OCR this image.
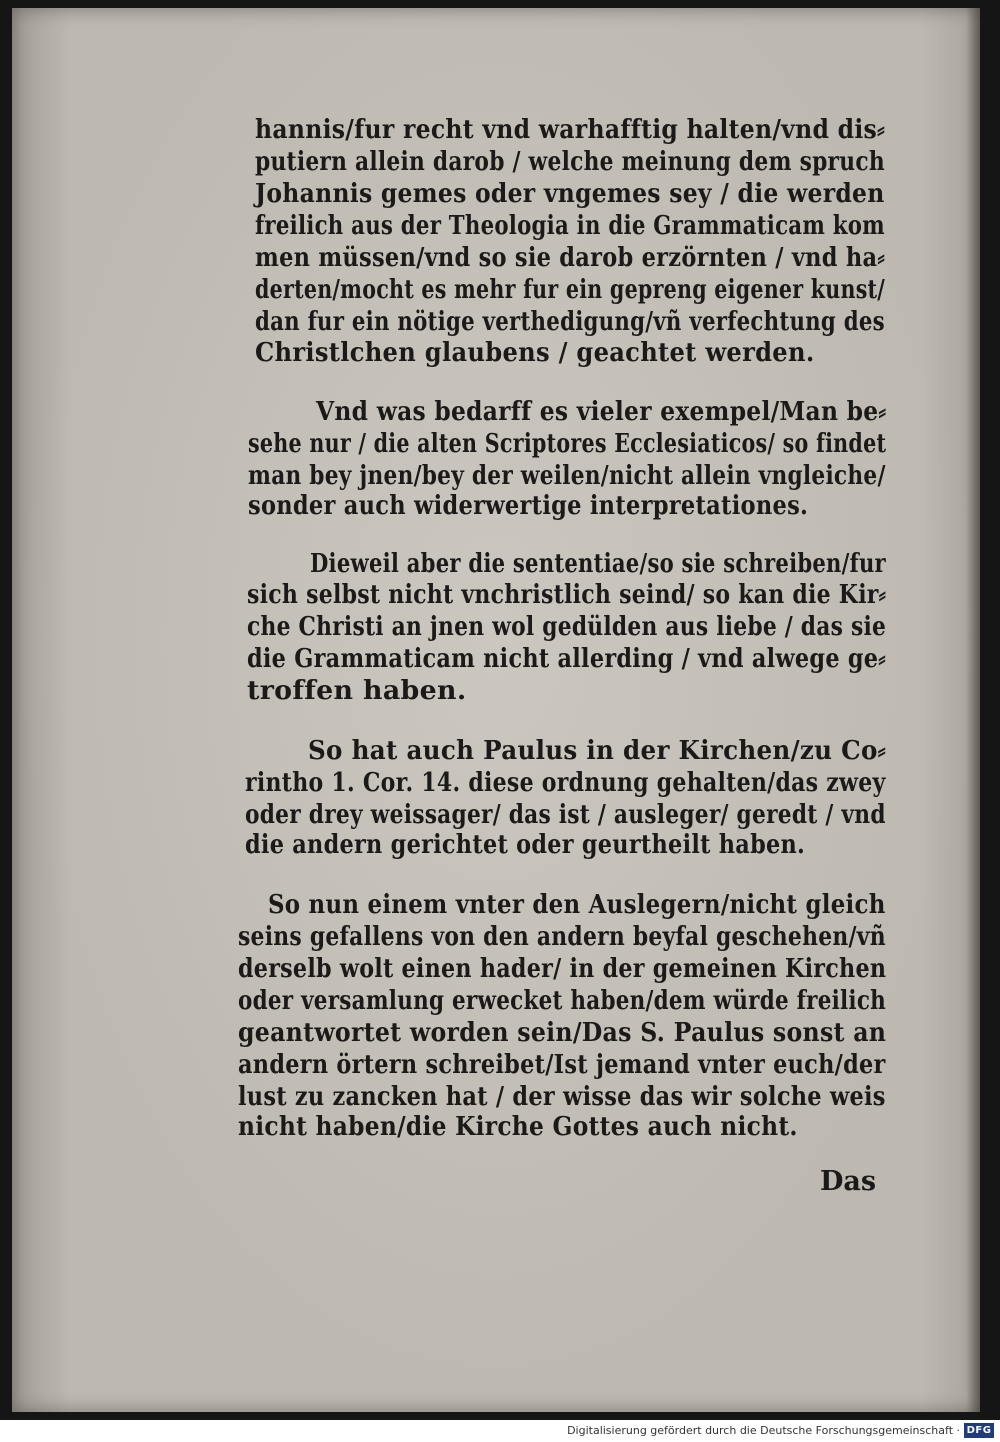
hannis/fur recht vnd warhafftig halten/vnd dis⸗
putiern allein darob / welche meinung dem spruch
Johannis gemes oder vngemes sey / die werden
freilich aus der Theologia in die Grammaticam kom
men müssen/vnd so sie darob erzörnten / vnd ha⸗
derten/mocht es mehr fur ein gepreng eigener kunst/
dan fur ein nötige verthedigung/vñ verfechtung des
Christlchen glaubens / geachtet werden.
Vnd was bedarff es vieler exempel/Man be⸗
sehe nur / die alten Scriptores Ecclesiaticos/ so findet
man bey jnen/bey der weilen/nicht allein vngleiche/
sonder auch widerwertige interpretationes.
Dieweil aber die sententiae/so sie schreiben/fur
sich selbst nicht vnchristlich seind/ so kan die Kir⸗
che Christi an jnen wol gedülden aus liebe / das sie
die Grammaticam nicht allerding / vnd alwege ge⸗
troffen haben.
So hat auch Paulus in der Kirchen/zu Co⸗
rintho 1. Cor. 14. diese ordnung gehalten/das zwey
oder drey weissager/ das ist / ausleger/ geredt / vnd
die andern gerichtet oder geurtheilt haben.
So nun einem vnter den Auslegern/nicht gleich
seins gefallens von den andern beyfal geschehen/vñ
derselb wolt einen hader/ in der gemeinen Kirchen
oder versamlung erwecket haben/dem würde freilich
geantwortet worden sein/Das S. Paulus sonst an
andern örtern schreibet/Ist jemand vnter euch/der
lust zu zancken hat / der wisse das wir solche weis
nicht haben/die Kirche Gottes auch nicht.
Das
Digitalisierung gefördert durch die Deutsche Forschungsgemeinschaft · DFG
